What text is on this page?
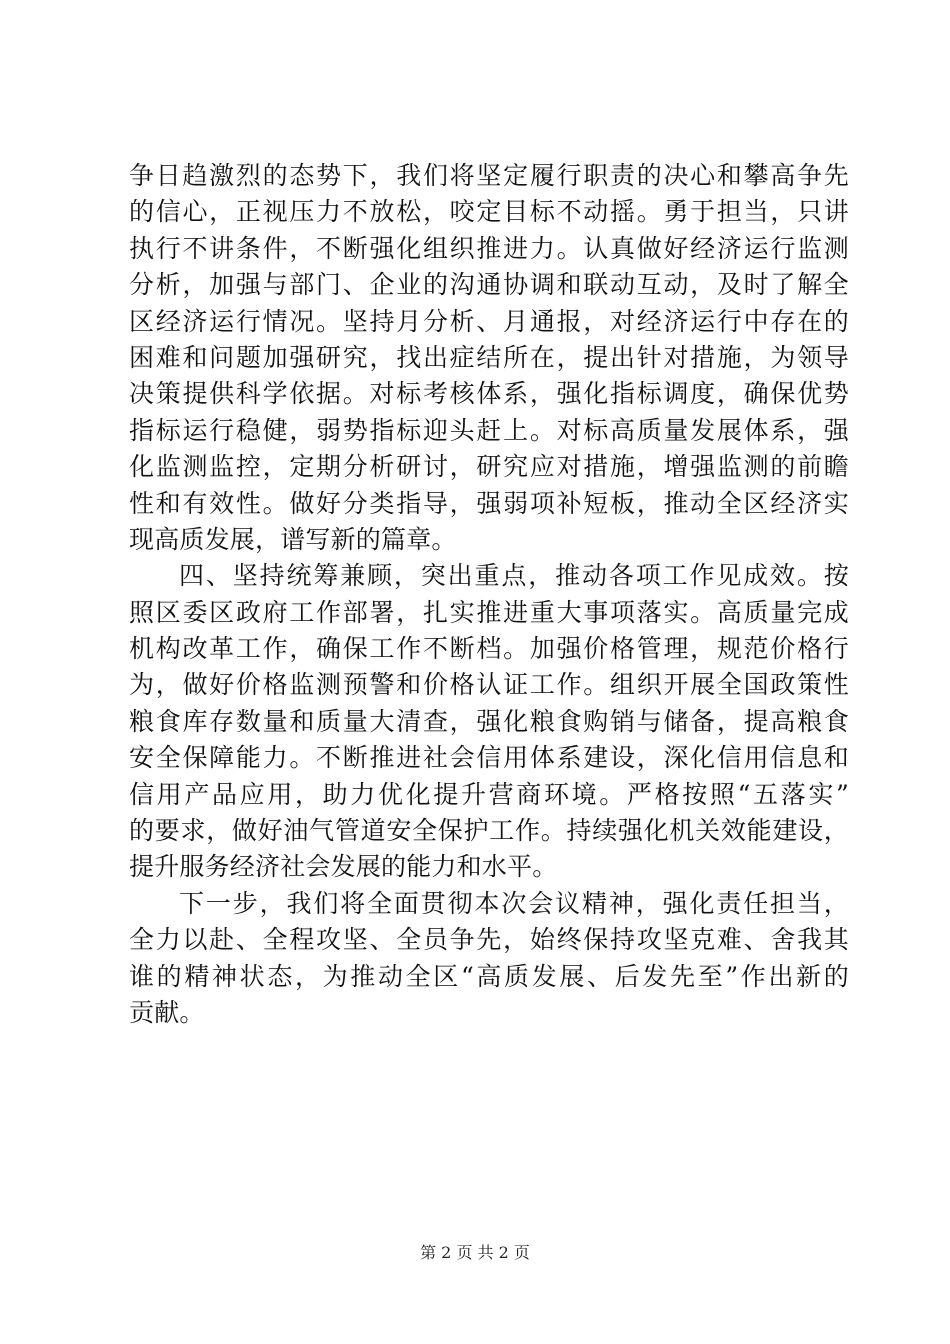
争日趋激烈的态势下，我们将坚定履行职责的决心和攀高争先
的信心，正视压力不放松，咬定目标不动摇。勇于担当，只讲
执行不讲条件，不断强化组织推进力。认真做好经济运行监测
分析，加强与部门、企业的沟通协调和联动互动，及时了解全
区经济运行情况。坚持月分析、月通报，对经济运行中存在的
困难和问题加强研究，找出症结所在，提出针对措施，为领导
决策提供科学依据。对标考核体系，强化指标调度，确保优势
指标运行稳健，弱势指标迎头赶上。对标高质量发展体系，强
化监测监控，定期分析研讨，研究应对措施，增强监测的前瞻
性和有效性。做好分类指导，强弱项补短板，推动全区经济实
现高质发展，谱写新的篇章。
四、坚持统筹兼顾，突出重点，推动各项工作见成效。按
照区委区政府工作部署，扎实推进重大事项落实。高质量完成
机构改革工作，确保工作不断档。加强价格管理，规范价格行
为，做好价格监测预警和价格认证工作。组织开展全国政策性
粮食库存数量和质量大清查，强化粮食购销与储备，提高粮食
安全保障能力。不断推进社会信用体系建设，深化信用信息和
信用产品应用，助力优化提升营商环境。严格按照“五落实”
的要求，做好油气管道安全保护工作。持续强化机关效能建设，
提升服务经济社会发展的能力和水平。
下一步，我们将全面贯彻本次会议精神，强化责任担当，
全力以赴、全程攻坚、全员争先，始终保持攻坚克难、舍我其
谁的精神状态，为推动全区“高质发展、后发先至”作出新的
贡献。
第 2 页 共 2 页
